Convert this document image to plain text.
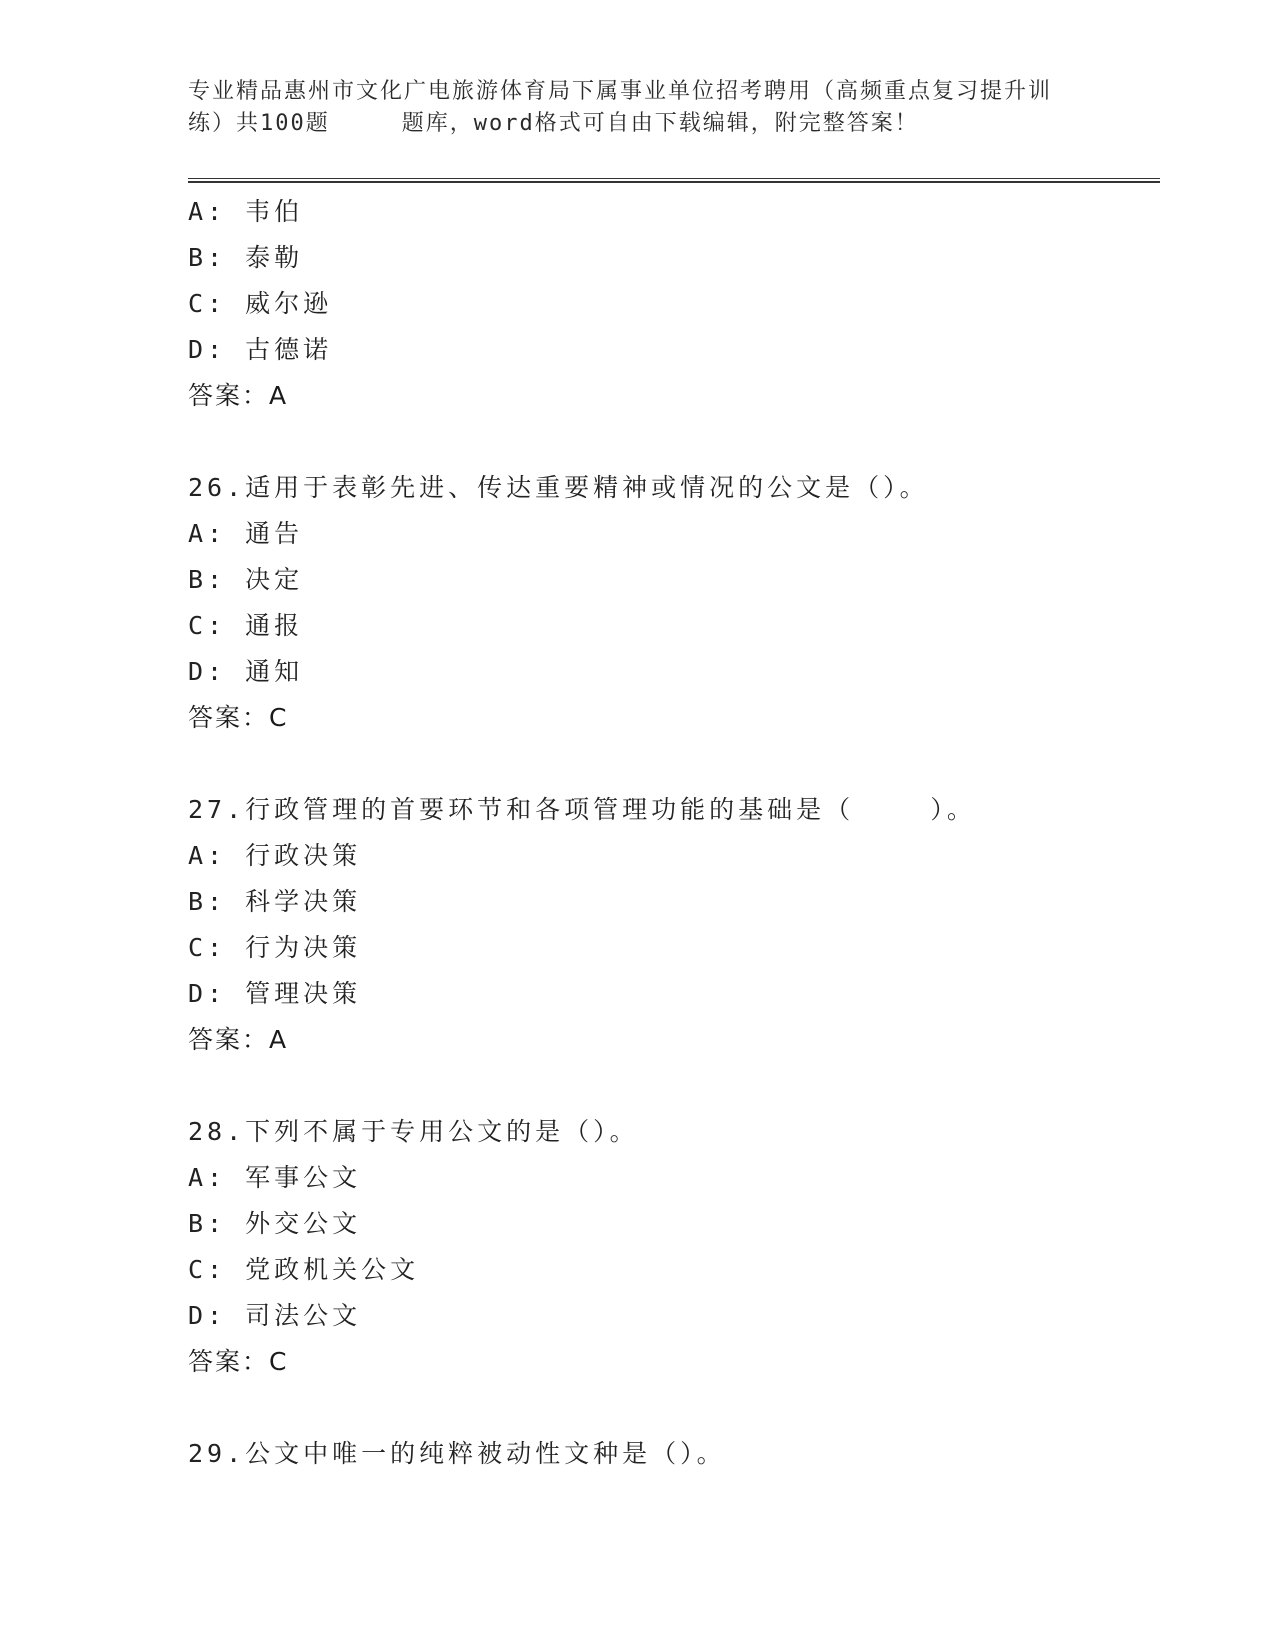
专业精品惠州市文化广电旅游体育局下属事业单位招考聘用（高频重点复习提升训
练）共100题	题库，word格式可自由下载编辑，附完整答案！
A: 韦伯
B: 泰勒
C: 威尔逊
D: 古德诺
答案：A
26.适用于表彰先进、传达重要精神或情况的公文是（）。
A: 通告
B: 决定
C: 通报
D: 通知
答案：C
27.行政管理的首要环节和各项管理功能的基础是（    ）。
A: 行政决策
B: 科学决策
C: 行为决策
D: 管理决策
答案：A
28.下列不属于专用公文的是（）。
A: 军事公文
B: 外交公文
C: 党政机关公文
D: 司法公文
答案：C
29.公文中唯一的纯粹被动性文种是（）。
